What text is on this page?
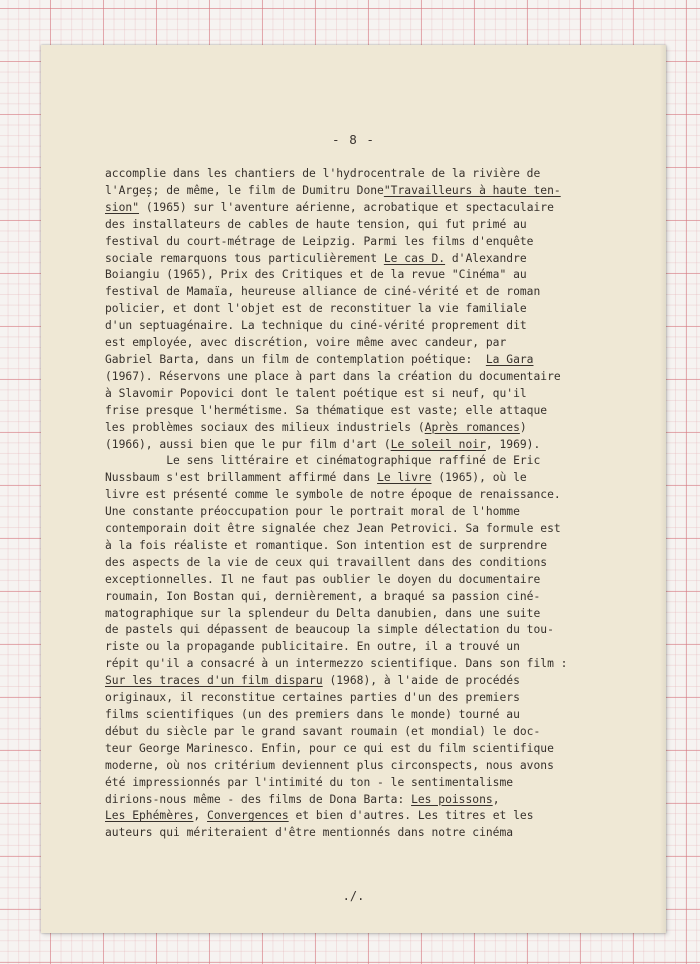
- 8 -
accomplie dans les chantiers de l'hydrocentrale de la rivière de
l'Argeș; de même, le film de Dumitru Done"Travailleurs à haute ten-
sion" (1965) sur l'aventure aérienne, acrobatique et spectaculaire
des installateurs de cables de haute tension, qui fut primé au
festival du court-métrage de Leipzig. Parmi les films d'enquête
sociale remarquons tous particulièrement Le cas D. d'Alexandre
Boiangiu (1965), Prix des Critiques et de la revue "Cinéma" au
festival de Mamaïa, heureuse alliance de ciné-vérité et de roman
policier, et dont l'objet est de reconstituer la vie familiale
d'un septuagénaire. La technique du ciné-vérité proprement dit
est employée, avec discrétion, voire même avec candeur, par
Gabriel Barta, dans un film de contemplation poétique:  La Gara
(1967). Réservons une place à part dans la création du documentaire
à Slavomir Popovici dont le talent poétique est si neuf, qu'il
frise presque l'hermétisme. Sa thématique est vaste; elle attaque
les problèmes sociaux des milieux industriels (Après romances)
(1966), aussi bien que le pur film d'art (Le soleil noir, 1969).
Le sens littéraire et cinématographique raffiné de Eric
Nussbaum s'est brillamment affirmé dans Le livre (1965), où le
livre est présenté comme le symbole de notre époque de renaissance.
Une constante préoccupation pour le portrait moral de l'homme
contemporain doit être signalée chez Jean Petrovici. Sa formule est
à la fois réaliste et romantique. Son intention est de surprendre
des aspects de la vie de ceux qui travaillent dans des conditions
exceptionnelles. Il ne faut pas oublier le doyen du documentaire
roumain, Ion Bostan qui, dernièrement, a braqué sa passion ciné-
matographique sur la splendeur du Delta danubien, dans une suite
de pastels qui dépassent de beaucoup la simple délectation du tou-
riste ou la propagande publicitaire. En outre, il a trouvé un
répit qu'il a consacré à un intermezzo scientifique. Dans son film :
Sur les traces d'un film disparu (1968), à l'aide de procédés
originaux, il reconstitue certaines parties d'un des premiers
films scientifiques (un des premiers dans le monde) tourné au
début du siècle par le grand savant roumain (et mondial) le doc-
teur George Marinesco. Enfin, pour ce qui est du film scientifique
moderne, où nos critérium deviennent plus circonspects, nous avons
été impressionnés par l'intimité du ton - le sentimentalisme
dirions-nous même - des films de Dona Barta: Les poissons,
Les Ephémères, Convergences et bien d'autres. Les titres et les
auteurs qui mériteraient d'être mentionnés dans notre cinéma
./.
